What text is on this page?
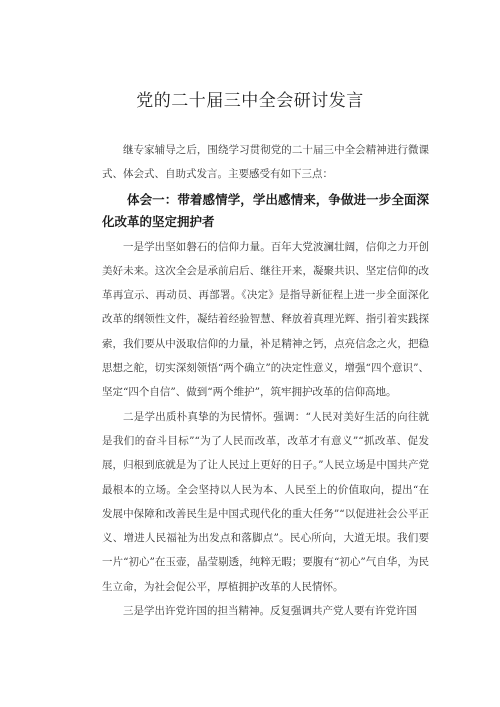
党的二十届三中全会研讨发言

继专家辅导之后，围绕学习贯彻党的二十届三中全会精神进行微课式、体会式、自助式发言。主要感受有如下三点：

体会一：带着感情学，学出感情来，争做进一步全面深化改革的坚定拥护者

一是学出坚如磐石的信仰力量。百年大党波澜壮阔，信仰之力开创美好未来。这次全会是承前启后、继往开来，凝聚共识、坚定信仰的改革再宣示、再动员、再部署。《决定》是指导新征程上进一步全面深化改革的纲领性文件，凝结着经验智慧、释放着真理光辉、指引着实践探索，我们要从中汲取信仰的力量，补足精神之钙，点亮信念之火，把稳思想之舵，切实深刻领悟“两个确立”的决定性意义，增强“四个意识”、坚定“四个自信”、做到“两个维护”，筑牢拥护改革的信仰高地。

二是学出质朴真挚的为民情怀。强调：“人民对美好生活的向往就是我们的奋斗目标”“为了人民而改革，改革才有意义”“抓改革、促发展，归根到底就是为了让人民过上更好的日子。”人民立场是中国共产党最根本的立场。全会坚持以人民为本、人民至上的价值取向，提出“在发展中保障和改善民生是中国式现代化的重大任务”“以促进社会公平正义、增进人民福祉为出发点和落脚点”。民心所向，大道无垠。我们要一片“初心”在玉壶，晶莹剔透，纯粹无暇；要腹有“初心”气自华，为民生立命，为社会促公平，厚植拥护改革的人民情怀。

三是学出许党许国的担当精神。反复强调共产党人要有许党许国
